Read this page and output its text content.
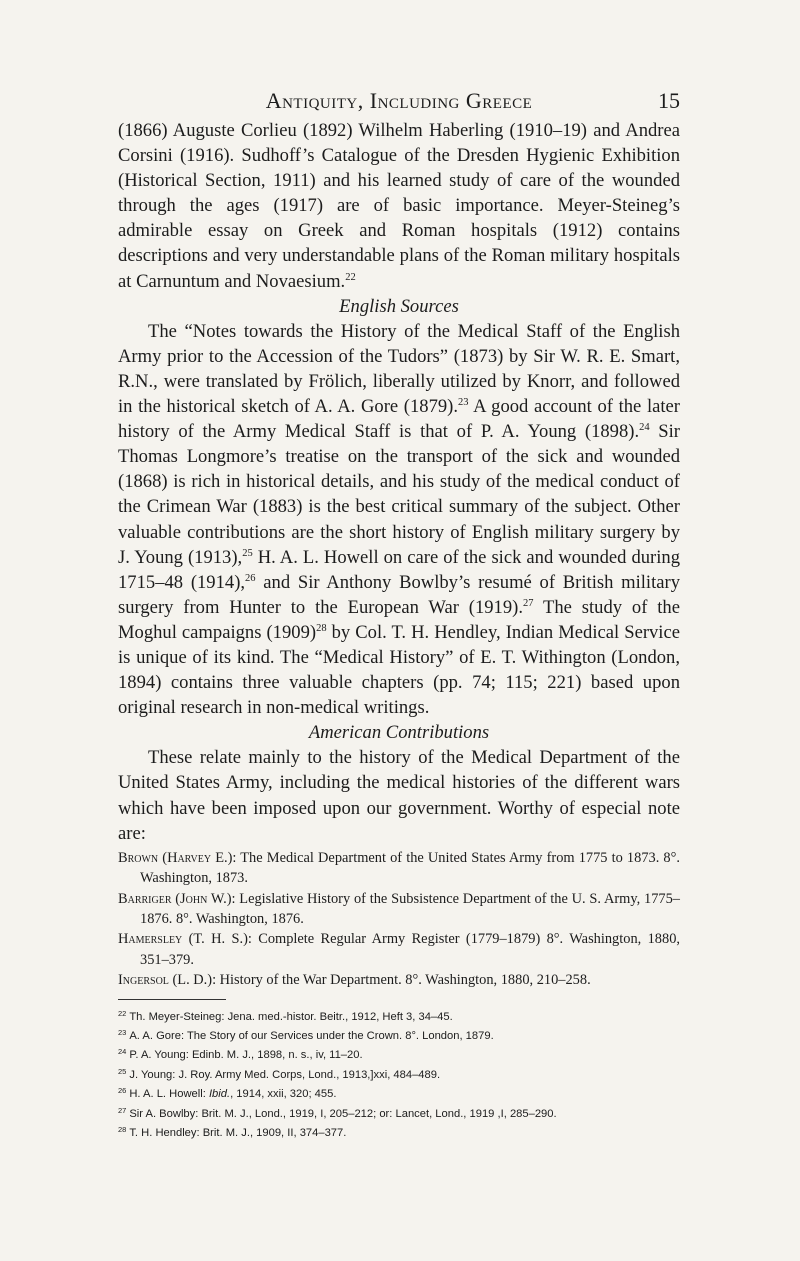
Antiquity, Including Greece	15

(1866) Auguste Corlieu (1892) Wilhelm Haberling (1910–19) and Andrea Corsini (1916). Sudhoff’s Catalogue of the Dresden Hygienic Exhibition (Historical Section, 1911) and his learned study of care of the wounded through the ages (1917) are of basic importance. Meyer-Steineg’s admirable essay on Greek and Roman hospitals (1912) contains descriptions and very understandable plans of the Roman military hospitals at Carnuntum and Novaesium.$^{22}$

English Sources

The “Notes towards the History of the Medical Staff of the English Army prior to the Accession of the Tudors” (1873) by Sir W. R. E. Smart, R.N., were translated by Frölich, liberally utilized by Knorr, and followed in the historical sketch of A. A. Gore (1879).$^{23}$ A good account of the later history of the Army Medical Staff is that of P. A. Young (1898).$^{24}$ Sir Thomas Longmore’s treatise on the transport of the sick and wounded (1868) is rich in historical details, and his study of the medical conduct of the Crimean War (1883) is the best critical summary of the subject. Other valuable contributions are the short history of English military surgery by J. Young (1913),$^{25}$ H. A. L. Howell on care of the sick and wounded during 1715–48 (1914),$^{26}$ and Sir Anthony Bowlby’s resumé of British military surgery from Hunter to the European War (1919).$^{27}$ The study of the Moghul campaigns $(1909)^{28}$ by Col. T. H. Hendley, Indian Medical Service is unique of its kind. The “Medical History” of E. T. Withington (London, 1894) contains three valuable chapters (pp. 74; 115; 221) based upon original research in non-medical writings.

American Contributions

These relate mainly to the history of the Medical Department of the United States Army, including the medical histories of the different wars which have been imposed upon our government. Worthy of especial note are:

Brown (Harvey E.): The Medical Department of the United States Army from 1775 to 1873. 8°. Washington, 1873.

Barriger (John W.): Legislative History of the Subsistence Department of the U. S. Army, 1775–1876. 8°. Washington, 1876.

Hamersley (T. H. S.): Complete Regular Army Register (1779–1879) 8°. Washington, 1880, 351–379.

Ingersol (L. D.): History of the War Department. 8°. Washington, 1880, 210–258.

$^{22}$ Th. Meyer-Steineg: Jena. med.-histor. Beitr., 1912, Heft 3, 34–45.

$^{23}$ A. A. Gore: The Story of our Services under the Crown. 8°. London, 1879.

$^{24}$ P. A. Young: Edinb. M. J., 1898, n. s., iv, 11–20.

$^{25}$ J. Young: J. Roy. Army Med. Corps, Lond., 1913,]xxi, 484–489.

$^{26}$ H. A. L. Howell: Ibid., 1914, xxii, 320; 455.

$^{27}$ Sir A. Bowlby: Brit. M. J., Lond., 1919, I, 205–212; or: Lancet, Lond., 1919 ,I, 285–290.

$^{28}$ T. H. Hendley: Brit. M. J., 1909, II, 374–377.
